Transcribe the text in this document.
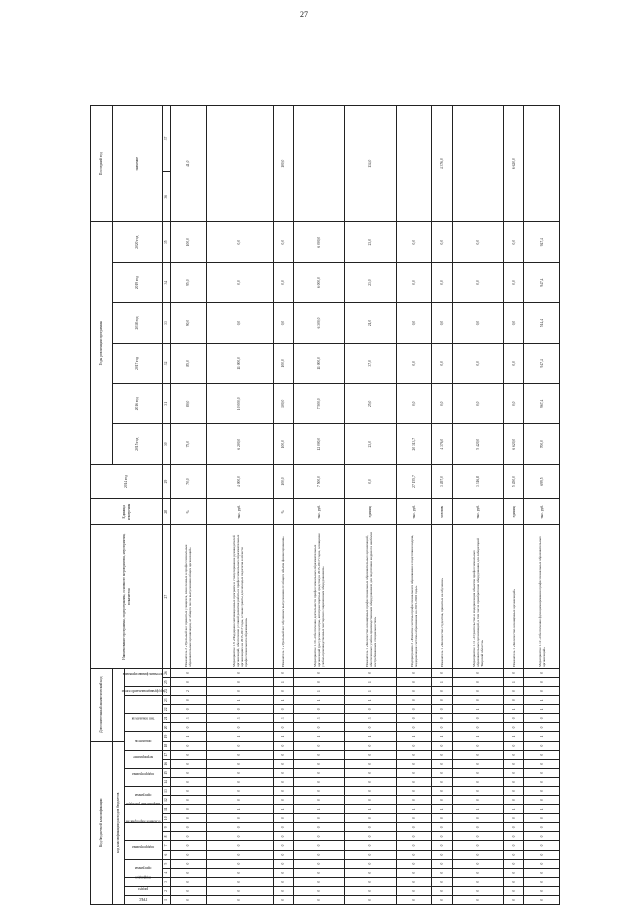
27
Код бюджетной классификации																		Дополнительный аналитический код								Наименование программы, подпрограммы, основного мероприятия, мероприятия, показателя	Единица измерения	2014 год	Годы реализации программы						Последний год	
код классификации расходов бюджетов																													2015 год	2016 год	2017 год	2018 год	2019 год	2020 год	значение	
ГРБС	раздел	подраздел	программа		подпрограмма		основное мероприятие		направление расходов		программа		подпрограмма		мероприятие		показатель		тип показателя		код функциональной статьи		источник финансирования													
1	2	3	4	5	6	7	8	9	10	11	12	13	14	15	16	17	18	19	20	21	22	23	24	25	26	27	28	29	30	31	32	33	34	35	36	37
0	0	0	0	0	0	0	0	0	0	0	0	0	0	0	0	0	0	1	0	3	0	0	2	0	0	Показатель 2 «Удельный вес принятых учащихся, зачисленных в профессиональные образовательные организации, от общего числа выпускников общих организаций»	%	70,0	75,0	80,0	85,0	90,0	95,0	100,0	41,0	
0	0	0	0	0	0	0	0	0	0	1	0	0	0	0	0	0	0	1	0	3	0	1	0	0	0	Мероприятие 1.9 «Поддержка мотивационных программ и стимулирование руководителей организаций, обеспечение условий развития работы в профессиональных образовательных организациях на 2015-2017 годы, а также гранты для молодых педагогов в области профессионального образования»	тыс. руб.	4 000,0	6 200,0	10 000,0	11 000,0	0,0	0,0	0,0		
0	0	0	0	0	0	0	0	0	0	1	0	0	0	0	0	0	0	1	0	3	0	1	0	1	0	Показатель 1 «Удельный вес обученных выпускников от общего объёма финансирования»	%	100,0	100,0	100,0	100,0	0,0	0,0	0,0	100,0	
0	0	0	0	0	0	0	0	0	0	1	0	0	0	0	0	0	0	1	0	3	0	1	1	0	0	Мероприятие 1.10 «Обеспечение деятельности профессиональных образовательных организаций (ресурсные центры, автотранспортные средства) в 2015-2017 годах, оснащение учебно-производственных мастерских современным оборудованием»	тыс. руб.	7 500,0	12 000,0	7 500,0	11 000,0	6 300,0	6 000,0	6 000,0		
0	0	0	0	0	0	0	0	0	0	1	0	0	0	0	0	0	0	1	0	3	0	1	1	1	0	Показатель 1 «Количество оснащённых профессиональных образовательных организаций, обеспеченных учебно-производственным оборудованием для подготовки кадров по наиболее востребованным специальностям»	единиц	0,0	23,0	25,0	37,0	21,0	23,0	23,0	134,0	
0	0	0	0	0	0	0	0	0	0	1	0	0	0	0	0	0	0	1	0	0	0	0	0	0	0	Подпрограмма 2 «Развитие системы профессионального образования и подготовки кадров, модернизация системы образования на 2015-2020 годы»	тыс. руб.	27 155,7	20 313,7	0,0	0,0	0,0	0,0	0,0		
0	0	0	0	0	0	0	0	0	0	1	0	0	0	0	0	0	0	1	0	0	0	0	0	1	0	Показатель 1 «Количество студентов, принятых на обучение»	человек	3 497,0	4 376,0	0,0	0,0	0,0	0,0	0,0	4 376,0	
0	0	0	0	0	0	0	0	0	0	1	0	0	0	0	0	0	0	1	0	0	1	0	0	0	0	Мероприятие 1.11 «Строительство и модернизация объектов профессиональных образовательных организаций, в том числе приобретение оборудования для лабораторий Тверской области»	тыс. руб.	3 316,8	5 420,0	0,0	0,0	0,0	0,0	0,0		
0	0	0	0	0	0	0	0	0	0	1	0	0	0	0	0	0	0	1	0	0	1	0	0	1	0	Показатель 1 «Количество оснащённых организаций»	единиц	5 450,0	6 620,0	0,0	0,0	0,0	0,0	0,0	6 620,0	
0	0	0	0	0	0	0	0	0	0	1	0	0	0	0	0	0	0	1	0	0	1	1	0	0	0	Мероприятие 1.12 «Обеспечение функционирования профессиональных образовательных организаций»	тыс. руб.	699,5	700,0	967,4	947,4	514,4	947,4	947,4		
